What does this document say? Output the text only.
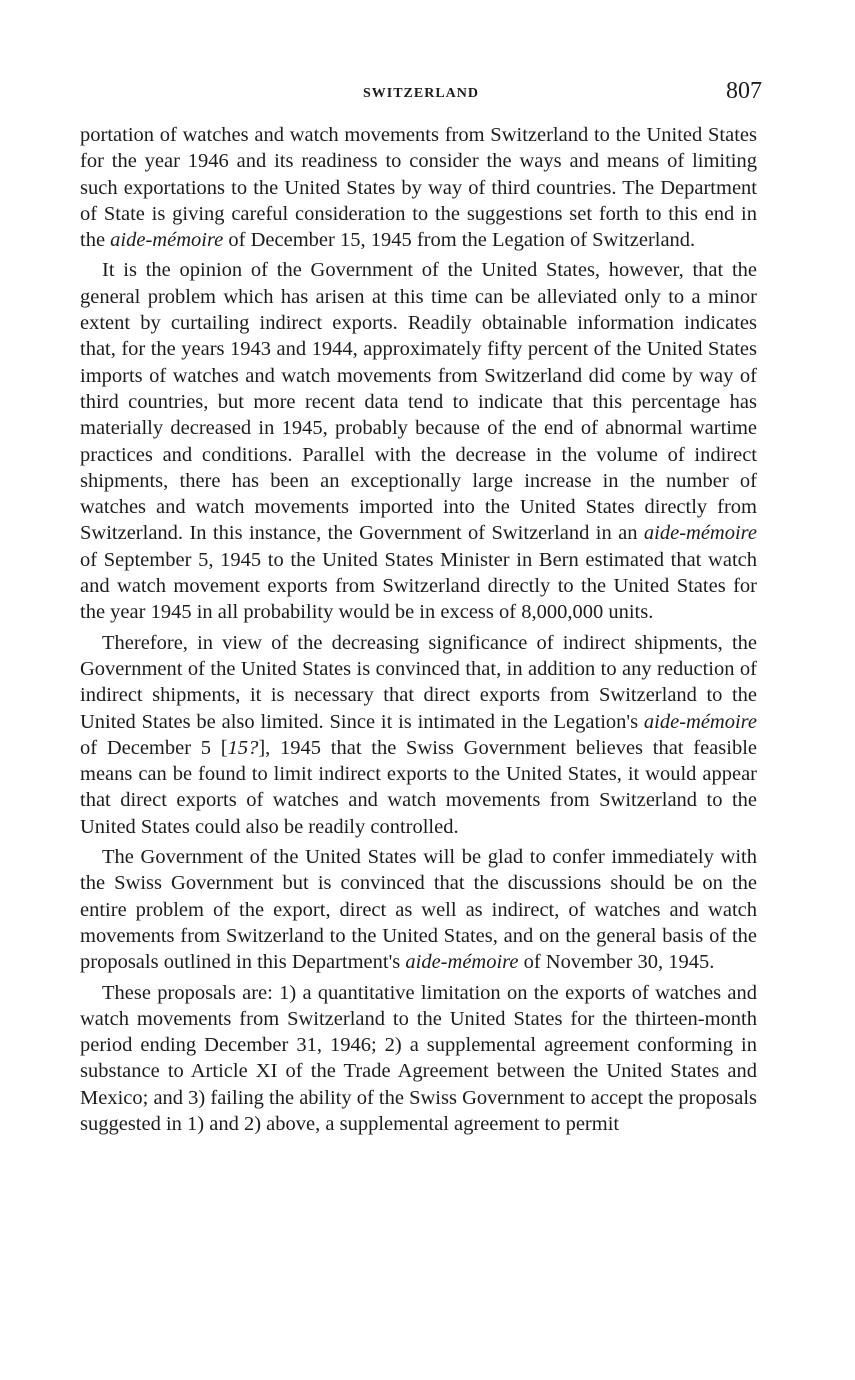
SWITZERLAND	807

portation of watches and watch movements from Switzerland to the United States for the year 1946 and its readiness to consider the ways and means of limiting such exportations to the United States by way of third countries. The Department of State is giving careful consideration to the suggestions set forth to this end in the aide-mémoire of December 15, 1945 from the Legation of Switzerland.

It is the opinion of the Government of the United States, however, that the general problem which has arisen at this time can be alleviated only to a minor extent by curtailing indirect exports. Readily obtainable information indicates that, for the years 1943 and 1944, approximately fifty percent of the United States imports of watches and watch movements from Switzerland did come by way of third countries, but more recent data tend to indicate that this percentage has materially decreased in 1945, probably because of the end of abnormal wartime practices and conditions. Parallel with the decrease in the volume of indirect shipments, there has been an exceptionally large increase in the number of watches and watch movements imported into the United States directly from Switzerland. In this instance, the Government of Switzerland in an aide-mémoire of September 5, 1945 to the United States Minister in Bern estimated that watch and watch movement exports from Switzerland directly to the United States for the year 1945 in all probability would be in excess of 8,000,000 units.

Therefore, in view of the decreasing significance of indirect shipments, the Government of the United States is convinced that, in addition to any reduction of indirect shipments, it is necessary that direct exports from Switzerland to the United States be also limited. Since it is intimated in the Legation's aide-mémoire of December 5 [15?], 1945 that the Swiss Government believes that feasible means can be found to limit indirect exports to the United States, it would appear that direct exports of watches and watch movements from Switzerland to the United States could also be readily controlled.

The Government of the United States will be glad to confer immediately with the Swiss Government but is convinced that the discussions should be on the entire problem of the export, direct as well as indirect, of watches and watch movements from Switzerland to the United States, and on the general basis of the proposals outlined in this Department's aide-mémoire of November 30, 1945.

These proposals are: 1) a quantitative limitation on the exports of watches and watch movements from Switzerland to the United States for the thirteen-month period ending December 31, 1946; 2) a supplemental agreement conforming in substance to Article XI of the Trade Agreement between the United States and Mexico; and 3) failing the ability of the Swiss Government to accept the proposals suggested in 1) and 2) above, a supplemental agreement to permit
